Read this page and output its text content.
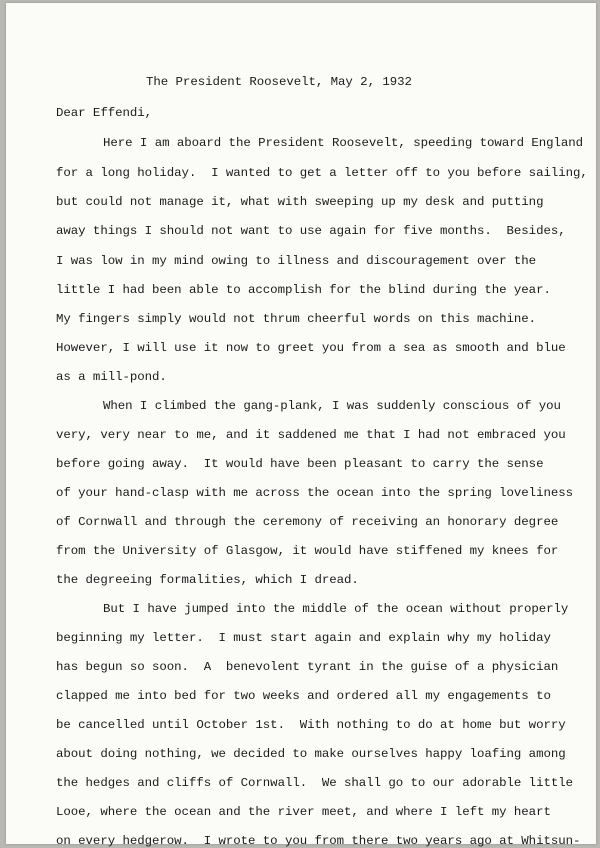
The President Roosevelt, May 2, 1932
Dear Effendi,
Here I am aboard the President Roosevelt, speeding toward England
for a long holiday.  I wanted to get a letter off to you before sailing,
but could not manage it, what with sweeping up my desk and putting
away things I should not want to use again for five months.  Besides,
I was low in my mind owing to illness and discouragement over the
little I had been able to accomplish for the blind during the year.
My fingers simply would not thrum cheerful words on this machine.
However, I will use it now to greet you from a sea as smooth and blue
as a mill-pond.
When I climbed the gang-plank, I was suddenly conscious of you
very, very near to me, and it saddened me that I had not embraced you
before going away.  It would have been pleasant to carry the sense
of your hand-clasp with me across the ocean into the spring loveliness
of Cornwall and through the ceremony of receiving an honorary degree
from the University of Glasgow, it would have stiffened my knees for
the degreeing formalities, which I dread.
But I have jumped into the middle of the ocean without properly
beginning my letter.  I must start again and explain why my holiday
has begun so soon.  A  benevolent tyrant in the guise of a physician
clapped me into bed for two weeks and ordered all my engagements to
be cancelled until October 1st.  With nothing to do at home but worry
about doing nothing, we decided to make ourselves happy loafing among
the hedges and cliffs of Cornwall.  We shall go to our adorable little
Looe, where the ocean and the river meet, and where I left my heart
on every hedgerow.  I wrote to you from there two years ago at Whitsun-
